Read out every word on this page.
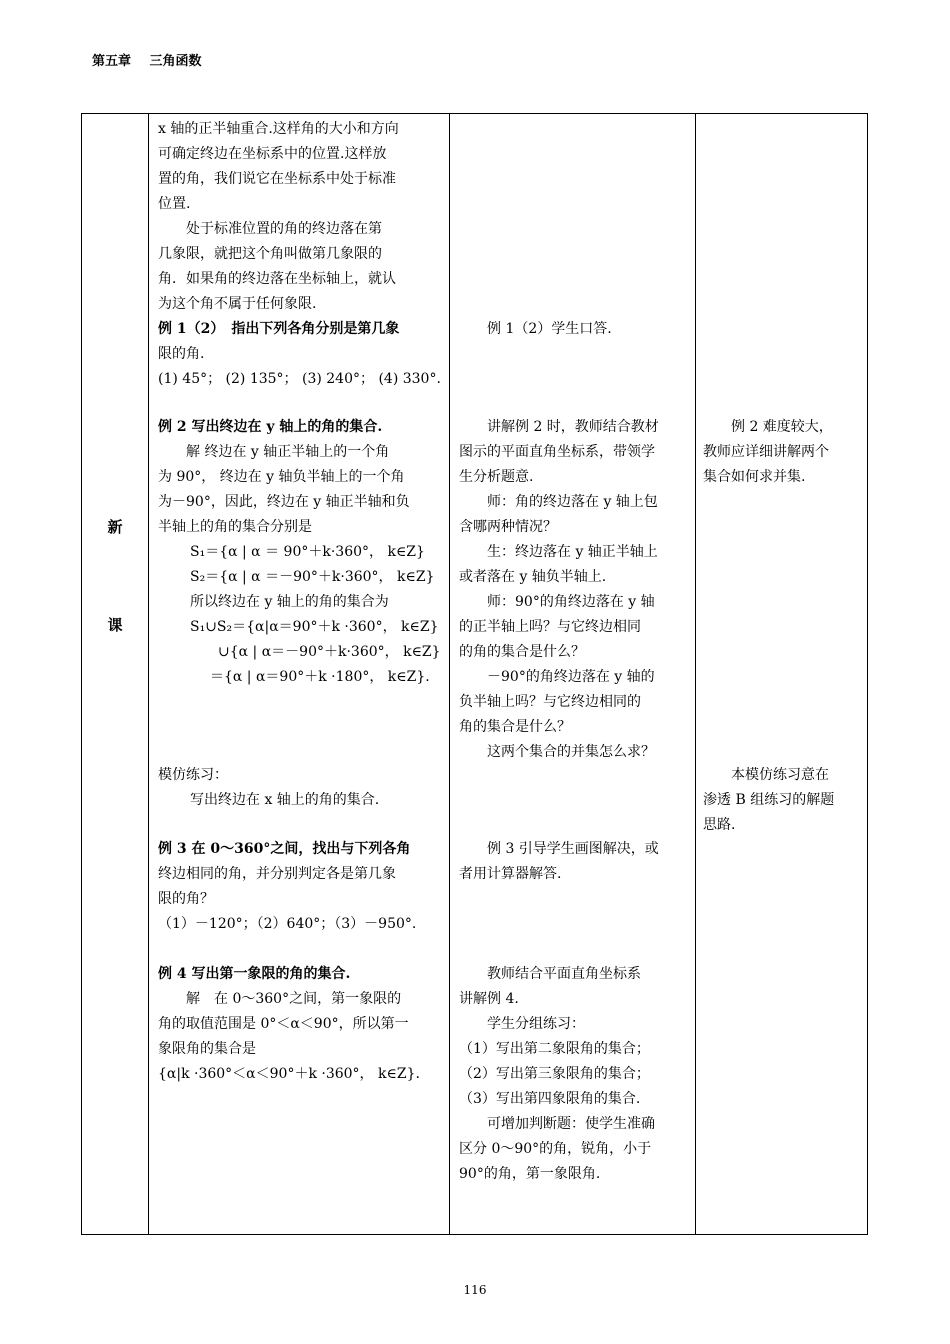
第五章 三角函数
新
课
x 轴的正半轴重合.这样角的大小和方向
可确定终边在坐标系中的位置.这样放
置的角，我们说它在坐标系中处于标准
位置.
　　处于标准位置的角的终边落在第
几象限，就把这个角叫做第几象限的
角．如果角的终边落在坐标轴上，就认
为这个角不属于任何象限.
例 1（2）　指出下列各角分别是第几象
限的角.
(1) 45°； (2) 135°； (3) 240°； (4) 330°.
例 2 写出终边在 y 轴上的角的集合.
　　解 终边在 y 轴正半轴上的一个角
为 90°， 终边在 y 轴负半轴上的一个角
为－90°，因此，终边在 y 轴正半轴和负
半轴上的角的集合分别是
S₁＝{α | α ＝ 90°＋k·360°， k∈Z}
S₂＝{α | α ＝－90°＋k·360°， k∈Z}
所以终边在 y 轴上的角的集合为
S₁∪S₂＝{α|α＝90°＋k ·360°， k∈Z}
∪{α | α＝－90°＋k·360°， k∈Z}
＝{α | α＝90°＋k ·180°， k∈Z}.
模仿练习：
写出终边在 x 轴上的角的集合.
例 3 在 0～360°之间，找出与下列各角
终边相同的角，并分别判定各是第几象
限的角？
（1）－120°；（2）640°；（3）－950°.
例 4 写出第一象限的角的集合.
　　解　在 0～360°之间，第一象限的
角的取值范围是 0°＜α＜90°，所以第一
象限角的集合是
{α|k ·360°＜α＜90°＋k ·360°， k∈Z}.
　　例 1（2）学生口答.
　　讲解例 2 时，教师结合教材
图示的平面直角坐标系，带领学
生分析题意.
　　师：角的终边落在 y 轴上包
含哪两种情况？
　　生：终边落在 y 轴正半轴上
或者落在 y 轴负半轴上.
　　师：90°的角终边落在 y 轴
的正半轴上吗？与它终边相同
的角的集合是什么？
　　－90°的角终边落在 y 轴的
负半轴上吗？与它终边相同的
角的集合是什么？
　　这两个集合的并集怎么求？
　　例 3 引导学生画图解决，或
者用计算器解答.
　　教师结合平面直角坐标系
讲解例 4.
　　学生分组练习：
（1）写出第二象限角的集合；
（2）写出第三象限角的集合；
（3）写出第四象限角的集合.
　　可增加判断题：使学生准确
区分 0～90°的角，锐角，小于
90°的角，第一象限角.
　　例 2 难度较大，
教师应详细讲解两个
集合如何求并集.
　　本模仿练习意在
渗透 B 组练习的解题
思路.
116
